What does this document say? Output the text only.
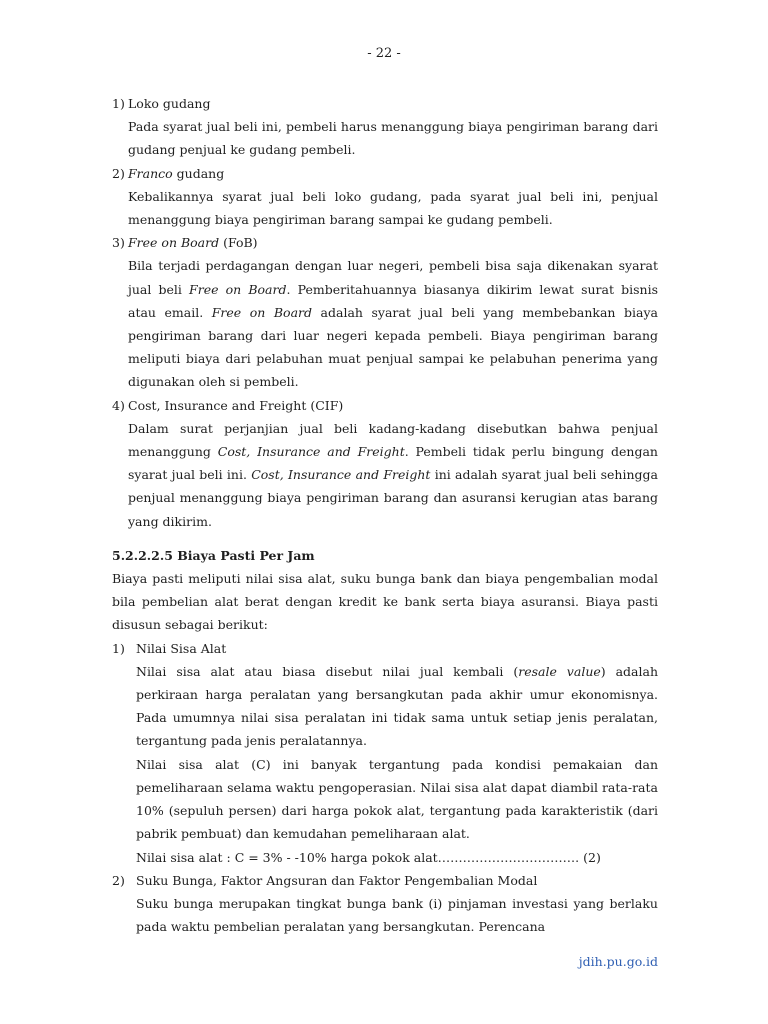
- 22 -
1) Loko gudang

Pada syarat jual beli ini, pembeli harus menanggung biaya pengiriman barang dari gudang penjual ke gudang pembeli.

2) Franco gudang

Kebalikannya syarat jual beli loko gudang, pada syarat jual beli ini, penjual menanggung biaya pengiriman barang sampai ke gudang pembeli.

3) Free on Board (FoB)

Bila terjadi perdagangan dengan luar negeri, pembeli bisa saja dikenakan syarat jual beli Free on Board. Pemberitahuannya biasanya dikirim lewat surat bisnis atau email. Free on Board adalah syarat jual beli yang membebankan biaya pengiriman barang dari luar negeri kepada pembeli. Biaya pengiriman barang meliputi biaya dari pelabuhan muat penjual sampai ke pelabuhan penerima yang digunakan oleh si pembeli.

4) Cost, Insurance and Freight (CIF)

Dalam surat perjanjian jual beli kadang-kadang disebutkan bahwa penjual menanggung Cost, Insurance and Freight. Pembeli tidak perlu bingung dengan syarat jual beli ini. Cost, Insurance and Freight ini adalah syarat jual beli sehingga penjual menanggung biaya pengiriman barang dan asuransi kerugian atas barang yang dikirim.

5.2.2.2.5 Biaya Pasti Per Jam

Biaya pasti meliputi nilai sisa alat, suku bunga bank dan biaya pengembalian modal bila pembelian alat berat dengan kredit ke bank serta biaya asuransi. Biaya pasti disusun sebagai berikut:

1) Nilai Sisa Alat

Nilai sisa alat atau biasa disebut nilai jual kembali (resale value) adalah perkiraan harga peralatan yang bersangkutan pada akhir umur ekonomisnya. Pada umumnya nilai sisa peralatan ini tidak sama untuk setiap jenis peralatan, tergantung pada jenis peralatannya.

Nilai sisa alat (C) ini banyak tergantung pada kondisi pemakaian dan pemeliharaan selama waktu pengoperasian. Nilai sisa alat dapat diambil rata-rata 10% (sepuluh persen) dari harga pokok alat, tergantung pada karakteristik (dari pabrik pembuat) dan kemudahan pemeliharaan alat.

Nilai sisa alat : C = 3% - -10% harga pokok alat……………………………. (2)

2) Suku Bunga, Faktor Angsuran dan Faktor Pengembalian Modal

Suku bunga merupakan tingkat bunga bank (i) pinjaman investasi yang berlaku pada waktu pembelian peralatan yang bersangkutan. Perencana

jdih.pu.go.id
